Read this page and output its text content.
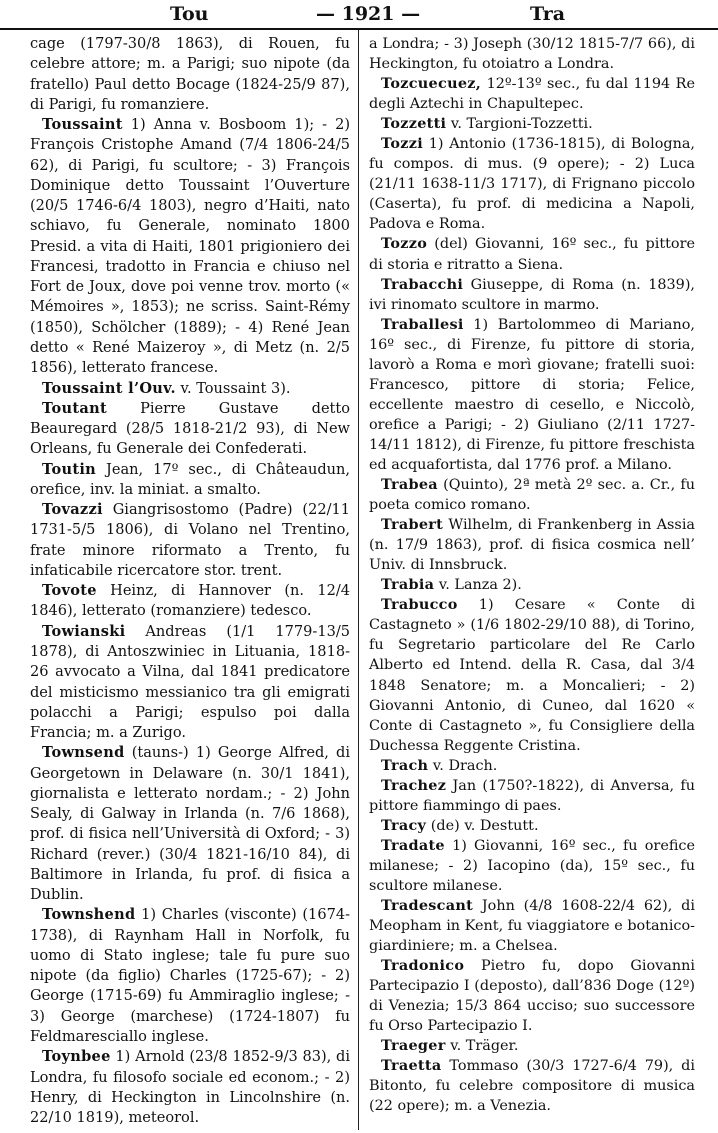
Tou	— 1921 —	Tra

cage (1797-30/8 1863), di Rouen, fu celebre attore; m. a Parigi; suo nipote (da fratello) Paul detto Bocage (1824-25/9 87), di Parigi, fu romanziere.

Toussaint 1) Anna v. Bosboom 1); - 2) François Cristophe Amand (7/4 1806-24/5 62), di Parigi, fu scultore; - 3) François Dominique detto Toussaint l’Ouverture (20/5 1746-6/4 1803), negro d’Haiti, nato schiavo, fu Generale, nominato 1800 Presid. a vita di Haiti, 1801 prigioniero dei Francesi, tradotto in Francia e chiuso nel Fort de Joux, dove poi venne trov. morto (« Mémoires », 1853); ne scriss. Saint-Rémy (1850), Schölcher (1889); - 4) René Jean detto « René Maizeroy », di Metz (n. 2/5 1856), letterato francese.

Toussaint l’Ouv. v. Toussaint 3).

Toutant Pierre Gustave detto Beauregard (28/5 1818-21/2 93), di New Orleans, fu Generale dei Confederati.

Toutin Jean, 17º sec., di Châteaudun, orefice, inv. la miniat. a smalto.

Tovazzi Giangrisostomo (Padre) (22/11 1731-5/5 1806), di Volano nel Trentino, frate minore riformato a Trento, fu infaticabile ricercatore stor. trent.

Tovote Heinz, di Hannover (n. 12/4 1846), letterato (romanziere) tedesco.

Towianski Andreas (1/1 1779-13/5 1878), di Antoszwiniec in Lituania, 1818-26 avvocato a Vilna, dal 1841 predicatore del misticismo messianico tra gli emigrati polacchi a Parigi; espulso poi dalla Francia; m. a Zurigo.

Townsend (tauns-) 1) George Alfred, di Georgetown in Delaware (n. 30/1 1841), giornalista e letterato nordam.; - 2) John Sealy, di Galway in Irlanda (n. 7/6 1868), prof. di fisica nell’Università di Oxford; - 3) Richard (rever.) (30/4 1821-16/10 84), di Baltimore in Irlanda, fu prof. di fisica a Dublin.

Townshend 1) Charles (visconte) (1674-1738), di Raynham Hall in Norfolk, fu uomo di Stato inglese; tale fu pure suo nipote (da figlio) Charles (1725-67); - 2) George (1715-69) fu Ammiraglio inglese; - 3) George (marchese) (1724-1807) fu Feldmaresciallo inglese.

Toynbee 1) Arnold (23/8 1852-9/3 83), di Londra, fu filosofo sociale ed econom.; - 2) Henry, di Heckington in Lincolnshire (n. 22/10 1819), meteorol.

a Londra; - 3) Joseph (30/12 1815-7/7 66), di Heckington, fu otoiatro a Londra.

Tozcuecuez, 12º-13º sec., fu dal 1194 Re degli Aztechi in Chapultepec.

Tozzetti v. Targioni-Tozzetti.

Tozzi 1) Antonio (1736-1815), di Bologna, fu compos. di mus. (9 opere); - 2) Luca (21/11 1638-11/3 1717), di Frignano piccolo (Caserta), fu prof. di medicina a Napoli, Padova e Roma.

Tozzo (del) Giovanni, 16º sec., fu pittore di storia e ritratto a Siena.

Trabacchi Giuseppe, di Roma (n. 1839), ivi rinomato scultore in marmo.

Traballesi 1) Bartolommeo di Mariano, 16º sec., di Firenze, fu pittore di storia, lavorò a Roma e morì giovane; fratelli suoi: Francesco, pittore di storia; Felice, eccellente maestro di cesello, e Niccolò, orefice a Parigi; - 2) Giuliano (2/11 1727-14/11 1812), di Firenze, fu pittore freschista ed acquafortista, dal 1776 prof. a Milano.

Trabea (Quinto), 2ª metà 2º sec. a. Cr., fu poeta comico romano.

Trabert Wilhelm, di Frankenberg in Assia (n. 17/9 1863), prof. di fisica cosmica nell’ Univ. di Innsbruck.

Trabia v. Lanza 2).

Trabucco 1) Cesare « Conte di Castagneto » (1/6 1802-29/10 88), di Torino, fu Segretario particolare del Re Carlo Alberto ed Intend. della R. Casa, dal 3/4 1848 Senatore; m. a Moncalieri; - 2) Giovanni Antonio, di Cuneo, dal 1620 « Conte di Castagneto », fu Consigliere della Duchessa Reggente Cristina.

Trach v. Drach.

Trachez Jan (1750?-1822), di Anversa, fu pittore fiammingo di paes.

Tracy (de) v. Destutt.

Tradate 1) Giovanni, 16º sec., fu orefice milanese; - 2) Iacopino (da), 15º sec., fu scultore milanese.

Tradescant John (4/8 1608-22/4 62), di Meopham in Kent, fu viaggiatore e botanico-giardiniere; m. a Chelsea.

Tradonico Pietro fu, dopo Giovanni Partecipazio I (deposto), dall’836 Doge (12º) di Venezia; 15/3 864 ucciso; suo successore fu Orso Partecipazio I.

Traeger v. Träger.

Traetta Tommaso (30/3 1727-6/4 79), di Bitonto, fu celebre compositore di musica (22 opere); m. a Venezia.
